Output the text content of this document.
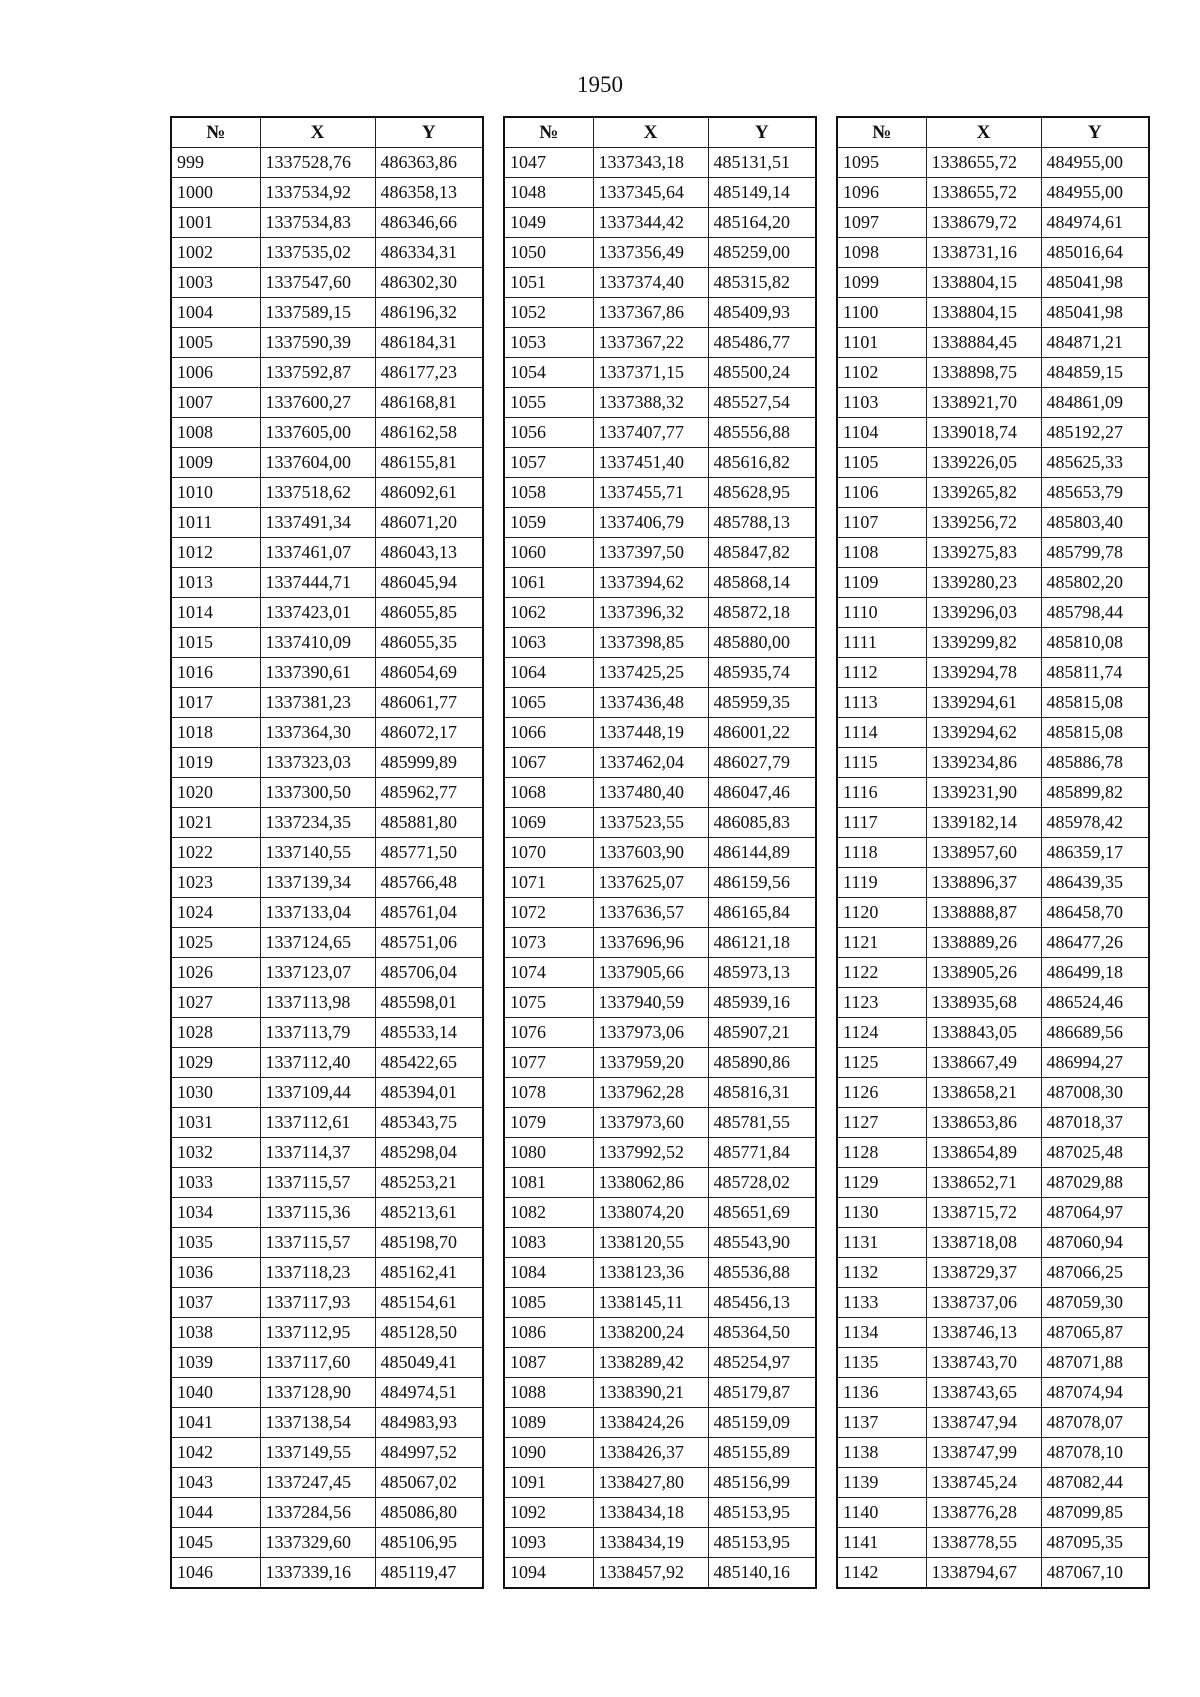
1950
№	X	Y
999	1337528,76	486363,86
1000	1337534,92	486358,13
1001	1337534,83	486346,66
1002	1337535,02	486334,31
1003	1337547,60	486302,30
1004	1337589,15	486196,32
1005	1337590,39	486184,31
1006	1337592,87	486177,23
1007	1337600,27	486168,81
1008	1337605,00	486162,58
1009	1337604,00	486155,81
1010	1337518,62	486092,61
1011	1337491,34	486071,20
1012	1337461,07	486043,13
1013	1337444,71	486045,94
1014	1337423,01	486055,85
1015	1337410,09	486055,35
1016	1337390,61	486054,69
1017	1337381,23	486061,77
1018	1337364,30	486072,17
1019	1337323,03	485999,89
1020	1337300,50	485962,77
1021	1337234,35	485881,80
1022	1337140,55	485771,50
1023	1337139,34	485766,48
1024	1337133,04	485761,04
1025	1337124,65	485751,06
1026	1337123,07	485706,04
1027	1337113,98	485598,01
1028	1337113,79	485533,14
1029	1337112,40	485422,65
1030	1337109,44	485394,01
1031	1337112,61	485343,75
1032	1337114,37	485298,04
1033	1337115,57	485253,21
1034	1337115,36	485213,61
1035	1337115,57	485198,70
1036	1337118,23	485162,41
1037	1337117,93	485154,61
1038	1337112,95	485128,50
1039	1337117,60	485049,41
1040	1337128,90	484974,51
1041	1337138,54	484983,93
1042	1337149,55	484997,52
1043	1337247,45	485067,02
1044	1337284,56	485086,80
1045	1337329,60	485106,95
1046	1337339,16	485119,47
№	X	Y
1047	1337343,18	485131,51
1048	1337345,64	485149,14
1049	1337344,42	485164,20
1050	1337356,49	485259,00
1051	1337374,40	485315,82
1052	1337367,86	485409,93
1053	1337367,22	485486,77
1054	1337371,15	485500,24
1055	1337388,32	485527,54
1056	1337407,77	485556,88
1057	1337451,40	485616,82
1058	1337455,71	485628,95
1059	1337406,79	485788,13
1060	1337397,50	485847,82
1061	1337394,62	485868,14
1062	1337396,32	485872,18
1063	1337398,85	485880,00
1064	1337425,25	485935,74
1065	1337436,48	485959,35
1066	1337448,19	486001,22
1067	1337462,04	486027,79
1068	1337480,40	486047,46
1069	1337523,55	486085,83
1070	1337603,90	486144,89
1071	1337625,07	486159,56
1072	1337636,57	486165,84
1073	1337696,96	486121,18
1074	1337905,66	485973,13
1075	1337940,59	485939,16
1076	1337973,06	485907,21
1077	1337959,20	485890,86
1078	1337962,28	485816,31
1079	1337973,60	485781,55
1080	1337992,52	485771,84
1081	1338062,86	485728,02
1082	1338074,20	485651,69
1083	1338120,55	485543,90
1084	1338123,36	485536,88
1085	1338145,11	485456,13
1086	1338200,24	485364,50
1087	1338289,42	485254,97
1088	1338390,21	485179,87
1089	1338424,26	485159,09
1090	1338426,37	485155,89
1091	1338427,80	485156,99
1092	1338434,18	485153,95
1093	1338434,19	485153,95
1094	1338457,92	485140,16
№	X	Y
1095	1338655,72	484955,00
1096	1338655,72	484955,00
1097	1338679,72	484974,61
1098	1338731,16	485016,64
1099	1338804,15	485041,98
1100	1338804,15	485041,98
1101	1338884,45	484871,21
1102	1338898,75	484859,15
1103	1338921,70	484861,09
1104	1339018,74	485192,27
1105	1339226,05	485625,33
1106	1339265,82	485653,79
1107	1339256,72	485803,40
1108	1339275,83	485799,78
1109	1339280,23	485802,20
1110	1339296,03	485798,44
1111	1339299,82	485810,08
1112	1339294,78	485811,74
1113	1339294,61	485815,08
1114	1339294,62	485815,08
1115	1339234,86	485886,78
1116	1339231,90	485899,82
1117	1339182,14	485978,42
1118	1338957,60	486359,17
1119	1338896,37	486439,35
1120	1338888,87	486458,70
1121	1338889,26	486477,26
1122	1338905,26	486499,18
1123	1338935,68	486524,46
1124	1338843,05	486689,56
1125	1338667,49	486994,27
1126	1338658,21	487008,30
1127	1338653,86	487018,37
1128	1338654,89	487025,48
1129	1338652,71	487029,88
1130	1338715,72	487064,97
1131	1338718,08	487060,94
1132	1338729,37	487066,25
1133	1338737,06	487059,30
1134	1338746,13	487065,87
1135	1338743,70	487071,88
1136	1338743,65	487074,94
1137	1338747,94	487078,07
1138	1338747,99	487078,10
1139	1338745,24	487082,44
1140	1338776,28	487099,85
1141	1338778,55	487095,35
1142	1338794,67	487067,10
